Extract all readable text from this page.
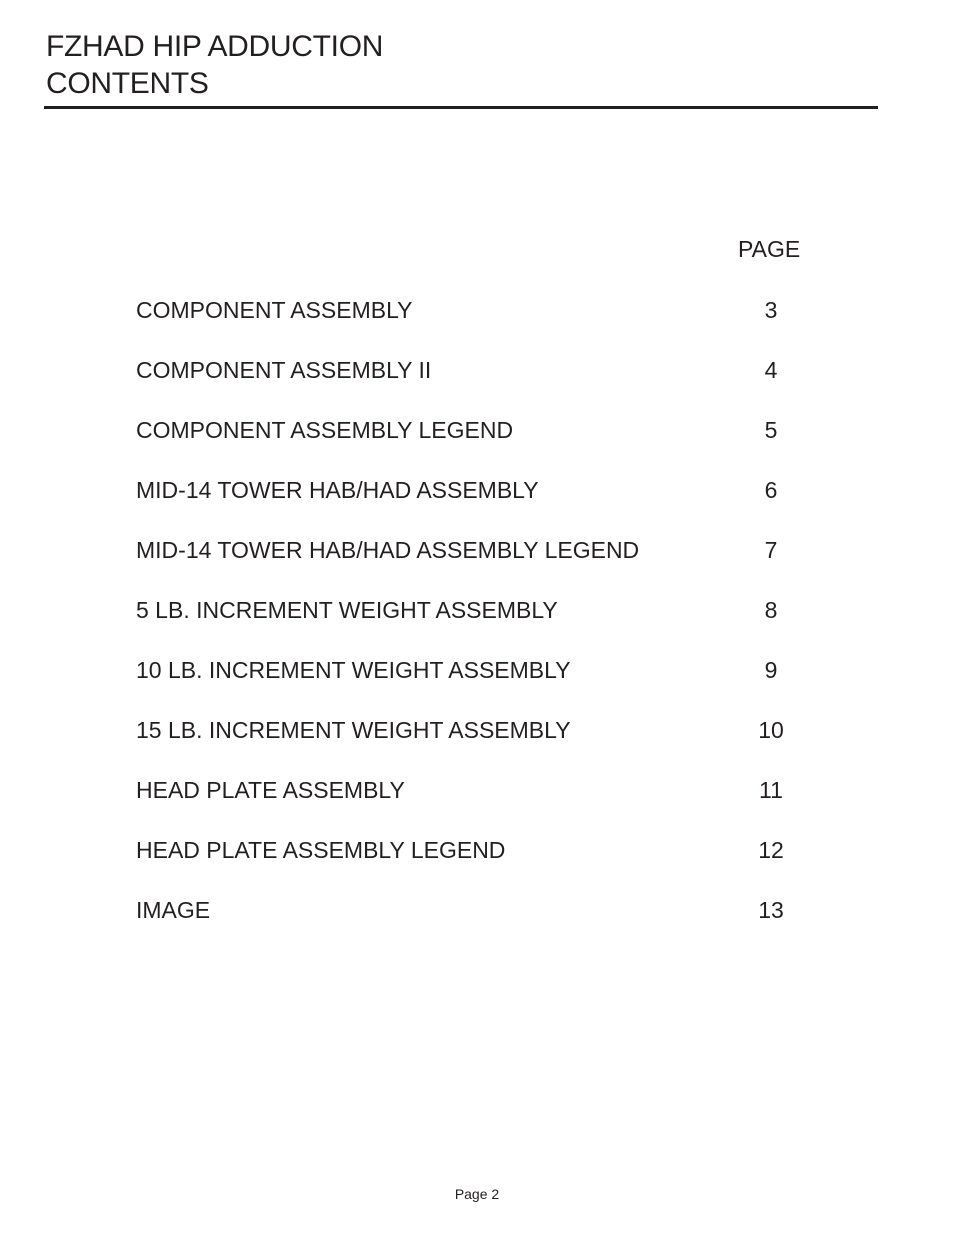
FZHAD HIP ADDUCTION
CONTENTS
PAGE
COMPONENT ASSEMBLY	3
COMPONENT ASSEMBLY II	4
COMPONENT ASSEMBLY LEGEND	5
MID-14 TOWER HAB/HAD ASSEMBLY	6
MID-14 TOWER HAB/HAD ASSEMBLY LEGEND	7
5 LB. INCREMENT WEIGHT ASSEMBLY	8
10 LB. INCREMENT WEIGHT ASSEMBLY	9
15 LB. INCREMENT WEIGHT ASSEMBLY	10
HEAD PLATE ASSEMBLY	11
HEAD PLATE ASSEMBLY LEGEND	12
IMAGE	13
Page 2
